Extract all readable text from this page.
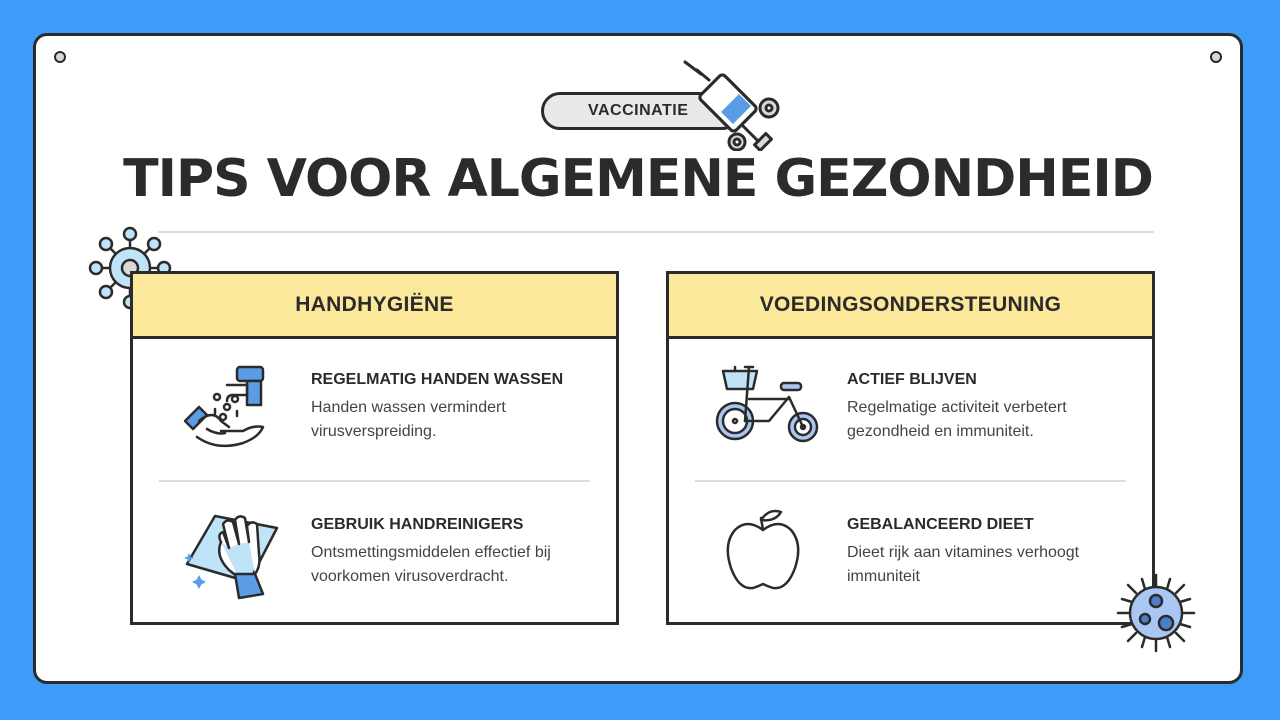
VACCINATIE
TIPS VOOR ALGEMENE GEZONDHEID
HANDHYGIËNE
REGELMATIG HANDEN WASSEN
Handen wassen vermindert virusverspreiding.
GEBRUIK HANDREINIGERS
Ontsmettingsmiddelen effectief bij voorkomen virusoverdracht.
VOEDINGSONDERSTEUNING
ACTIEF BLIJVEN
Regelmatige activiteit verbetert gezondheid en immuniteit.
GEBALANCEERD DIEET
Dieet rijk aan vitamines verhoogt immuniteit
